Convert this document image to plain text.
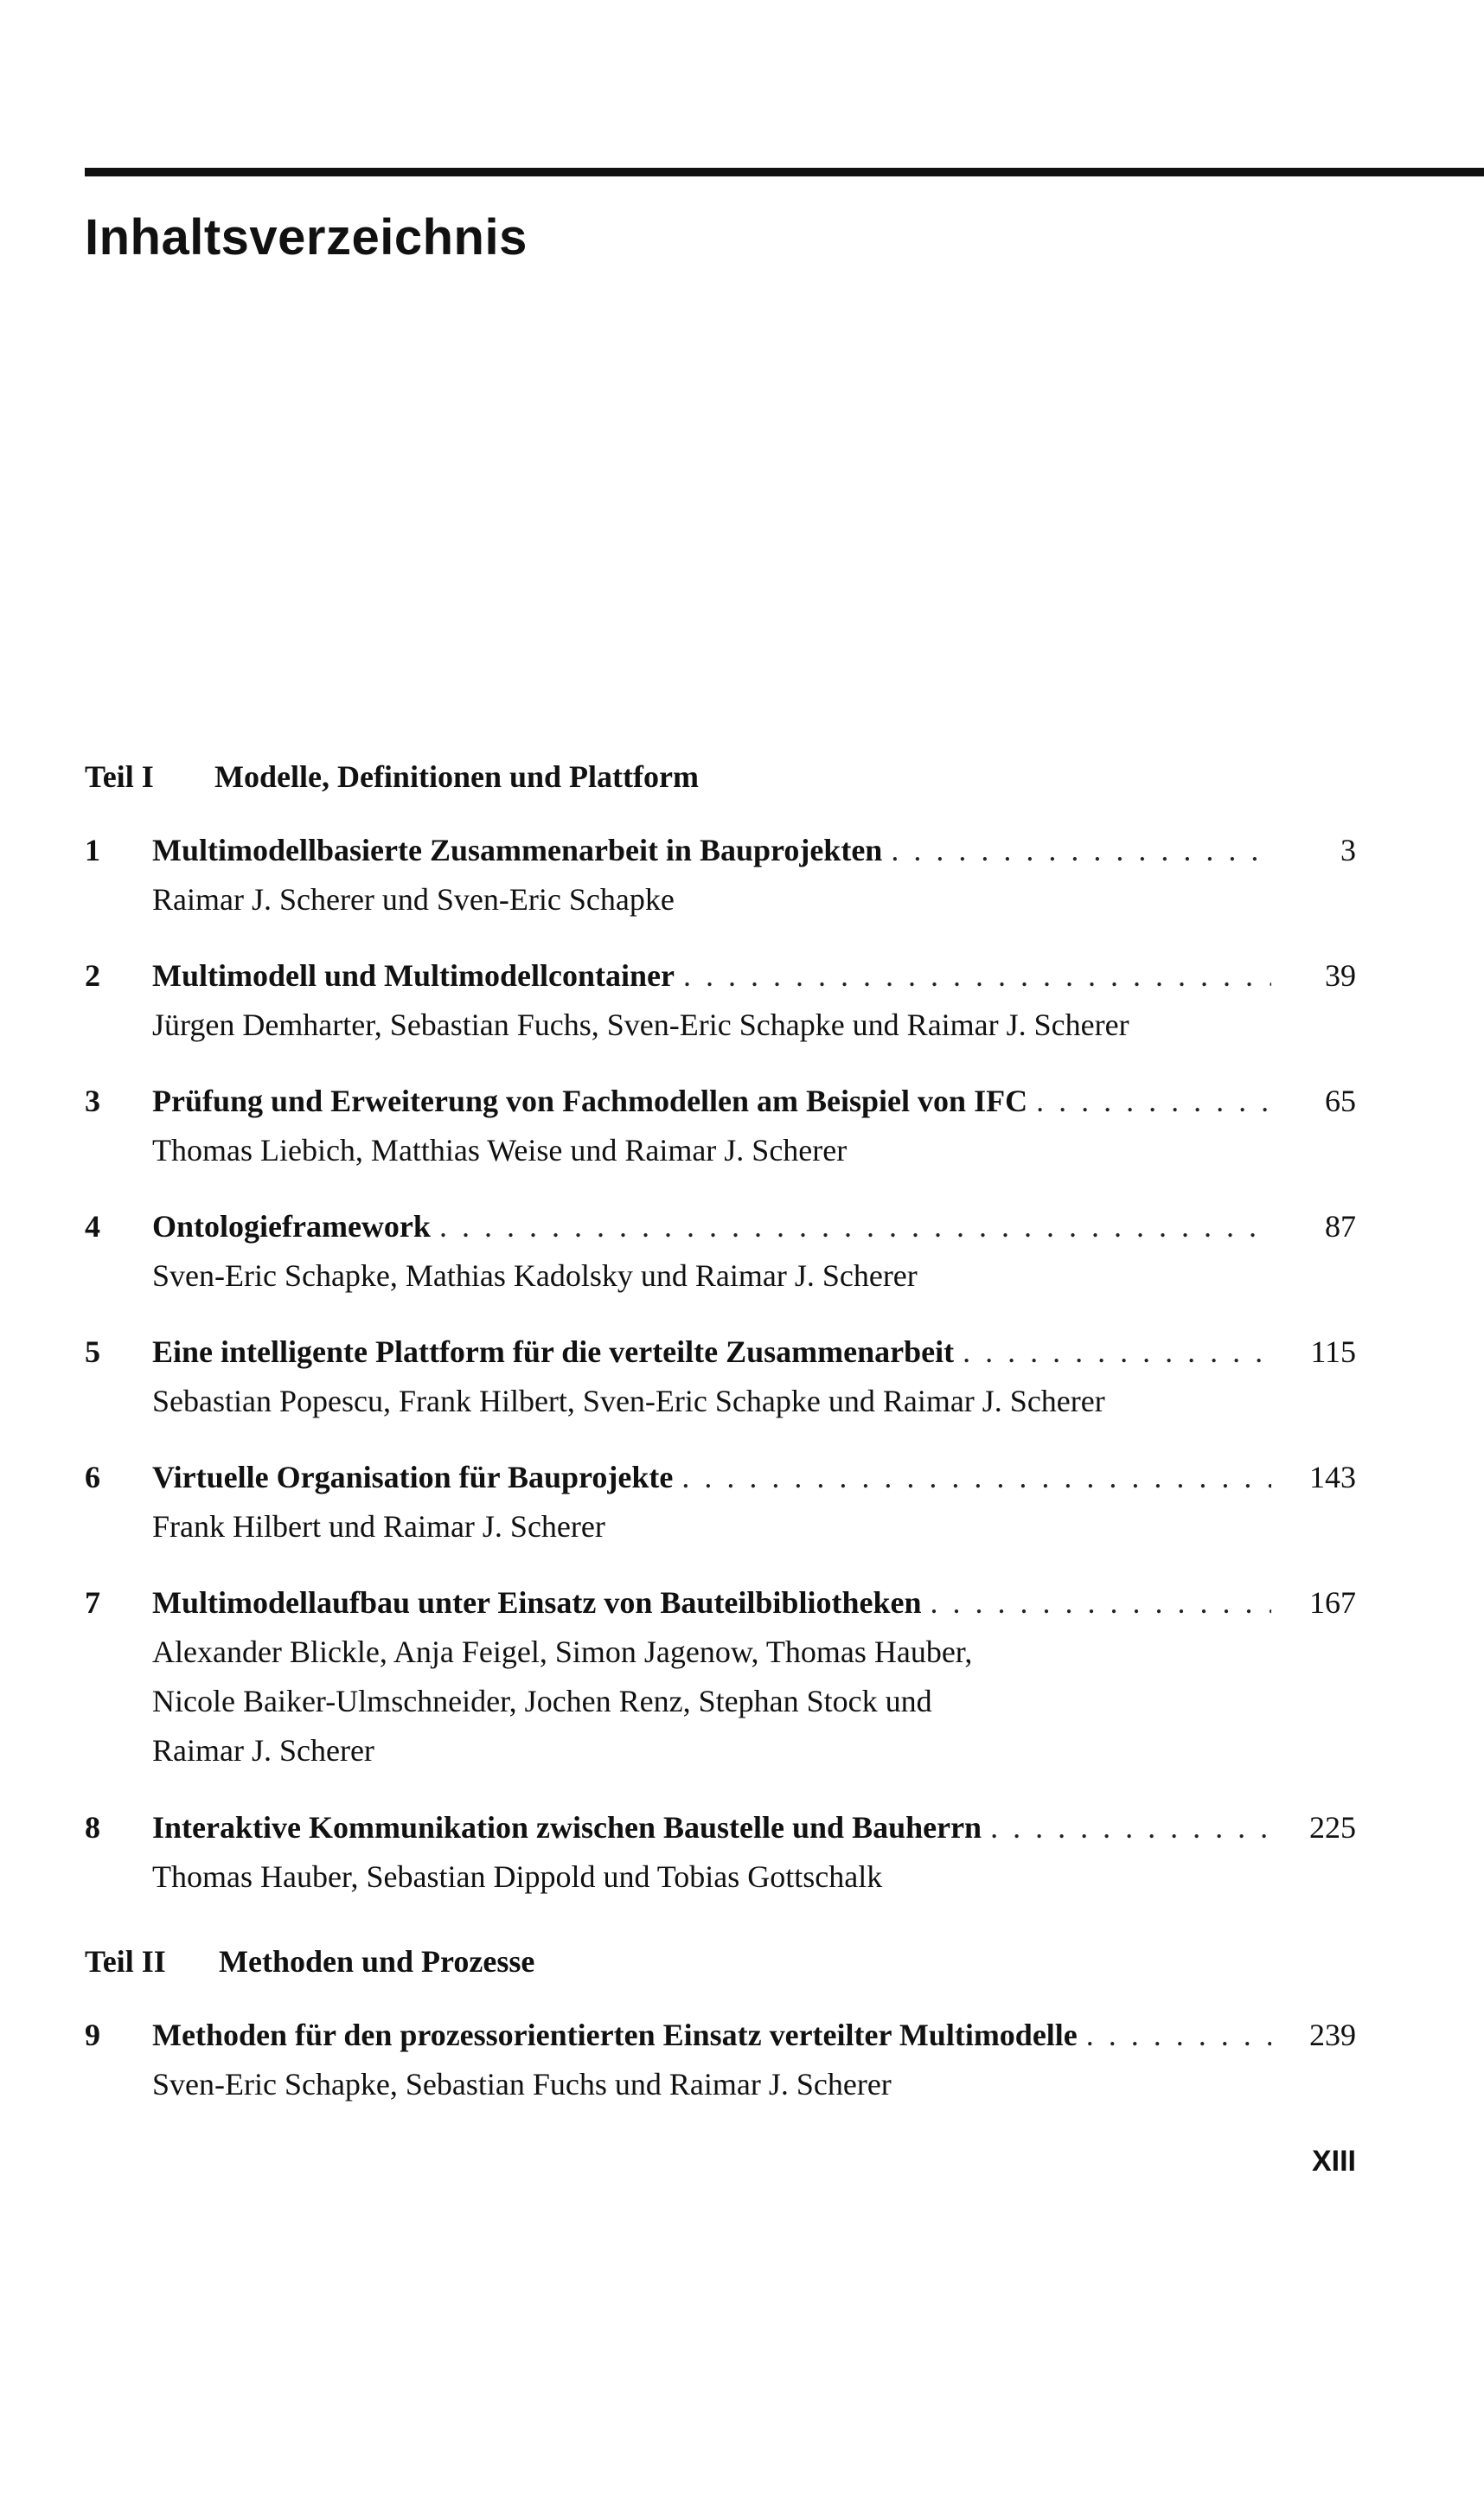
Inhaltsverzeichnis
Teil I Modelle, Definitionen und Plattform
1 Multimodellbasierte Zusammenarbeit in Bauprojekten . . .	3
Raimar J. Scherer und Sven-Eric Schapke
2 Multimodell und Multimodellcontainer . . .	39
Jürgen Demharter, Sebastian Fuchs, Sven-Eric Schapke und Raimar J. Scherer
3 Prüfung und Erweiterung von Fachmodellen am Beispiel von IFC . . .	65
Thomas Liebich, Matthias Weise und Raimar J. Scherer
4 Ontologieframework . . .	87
Sven-Eric Schapke, Mathias Kadolsky und Raimar J. Scherer
5 Eine intelligente Plattform für die verteilte Zusammenarbeit . . .	115
Sebastian Popescu, Frank Hilbert, Sven-Eric Schapke und Raimar J. Scherer
6 Virtuelle Organisation für Bauprojekte . . .	143
Frank Hilbert und Raimar J. Scherer
7 Multimodellaufbau unter Einsatz von Bauteilbibliotheken . . .	167
Alexander Blickle, Anja Feigel, Simon Jagenow, Thomas Hauber,
Nicole Baiker-Ulmschneider, Jochen Renz, Stephan Stock und
Raimar J. Scherer
8 Interaktive Kommunikation zwischen Baustelle und Bauherrn . . .	225
Thomas Hauber, Sebastian Dippold und Tobias Gottschalk
Teil II Methoden und Prozesse
9 Methoden für den prozessorientierten Einsatz verteilter Multimodelle . . .	239
Sven-Eric Schapke, Sebastian Fuchs und Raimar J. Scherer
XIII
